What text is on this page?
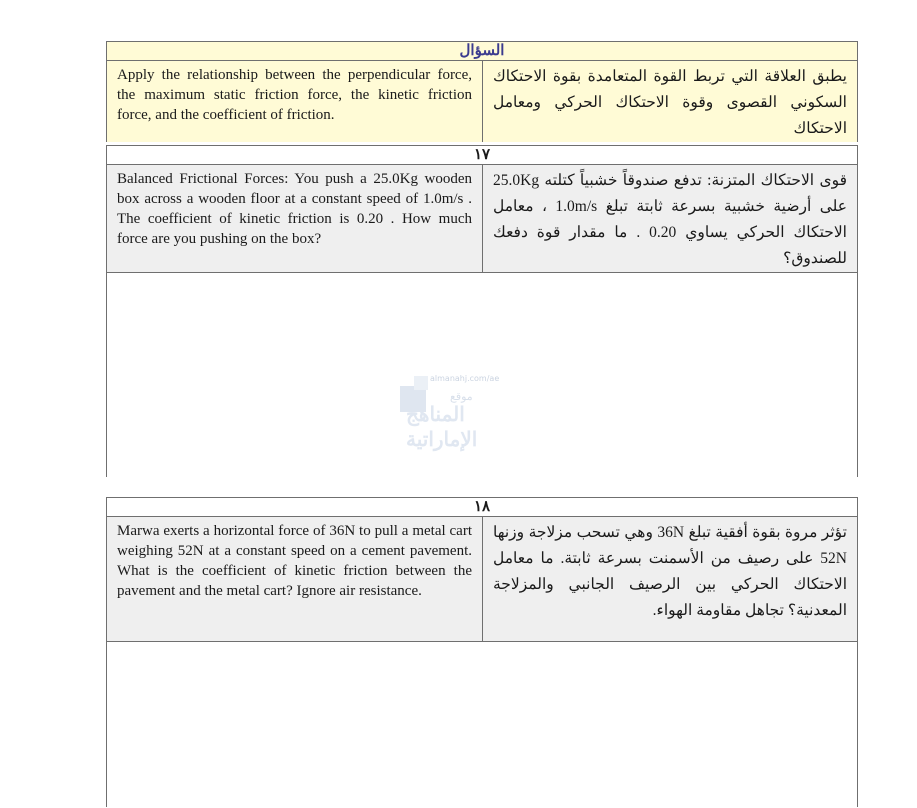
السؤال
Apply the relationship between the perpendicular force, the maximum static friction force, the kinetic friction force, and the coefficient of friction.
يطبق العلاقة التي تربط القوة المتعامدة بقوة الاحتكاك السكوني القصوى وقوة الاحتكاك الحركي ومعامل الاحتكاك
١٧
Balanced Frictional Forces: You push a 25.0Kg wooden box across a wooden floor at a constant speed of 1.0m/s . The coefficient of kinetic friction is 0.20 . How much force are you pushing on the box?
قوى الاحتكاك المتزنة: تدفع صندوقاً خشبياً كتلته 25.0Kg على أرضية خشبية بسرعة ثابتة تبلغ 1.0m/s ، معامل الاحتكاك الحركي يساوي 0.20 . ما مقدار قوة دفعك للصندوق؟
almanahj.com/ae
موقع
المناهج الإماراتية
١٨
Marwa exerts a horizontal force of 36N to pull a metal cart weighing 52N at a constant speed on a cement pavement. What is the coefficient of kinetic friction between the pavement and the metal cart? Ignore air resistance.
تؤثر مروة بقوة أفقية تبلغ 36N وهي تسحب مزلاجة وزنها 52N على رصيف من الأسمنت بسرعة ثابتة. ما معامل الاحتكاك الحركي بين الرصيف الجانبي والمزلاجة المعدنية؟ تجاهل مقاومة الهواء.
